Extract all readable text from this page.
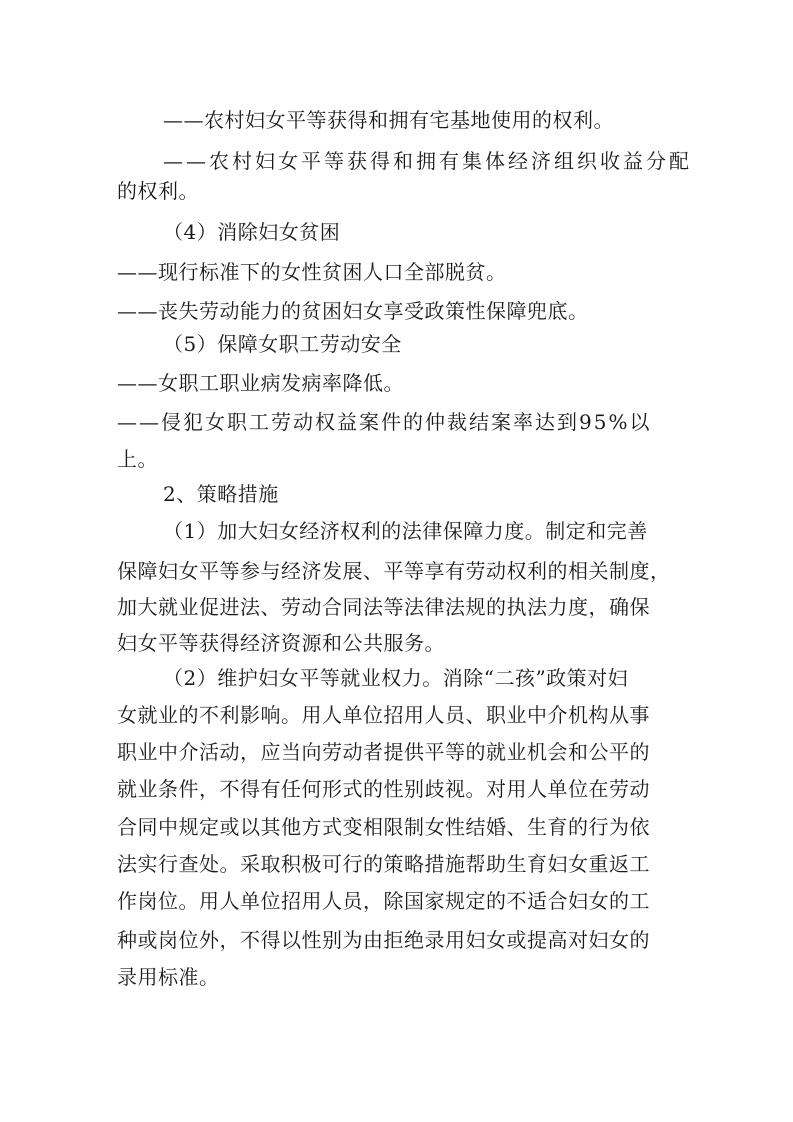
——农村妇女平等获得和拥有宅基地使用的权利。
——农村妇女平等获得和拥有集体经济组织收益分配
的权利。
（4）消除妇女贫困
——现行标准下的女性贫困人口全部脱贫。
——丧失劳动能力的贫困妇女享受政策性保障兜底。
（5）保障女职工劳动安全
——女职工职业病发病率降低。
——侵犯女职工劳动权益案件的仲裁结案率达到95%以
上。
2、策略措施
（1）加大妇女经济权利的法律保障力度。制定和完善
保障妇女平等参与经济发展、平等享有劳动权利的相关制度，
加大就业促进法、劳动合同法等法律法规的执法力度，确保
妇女平等获得经济资源和公共服务。
（2）维护妇女平等就业权力。消除“二孩”政策对妇
女就业的不利影响。用人单位招用人员、职业中介机构从事
职业中介活动，应当向劳动者提供平等的就业机会和公平的
就业条件，不得有任何形式的性别歧视。对用人单位在劳动
合同中规定或以其他方式变相限制女性结婚、生育的行为依
法实行查处。采取积极可行的策略措施帮助生育妇女重返工
作岗位。用人单位招用人员，除国家规定的不适合妇女的工
种或岗位外，不得以性别为由拒绝录用妇女或提高对妇女的
录用标准。
